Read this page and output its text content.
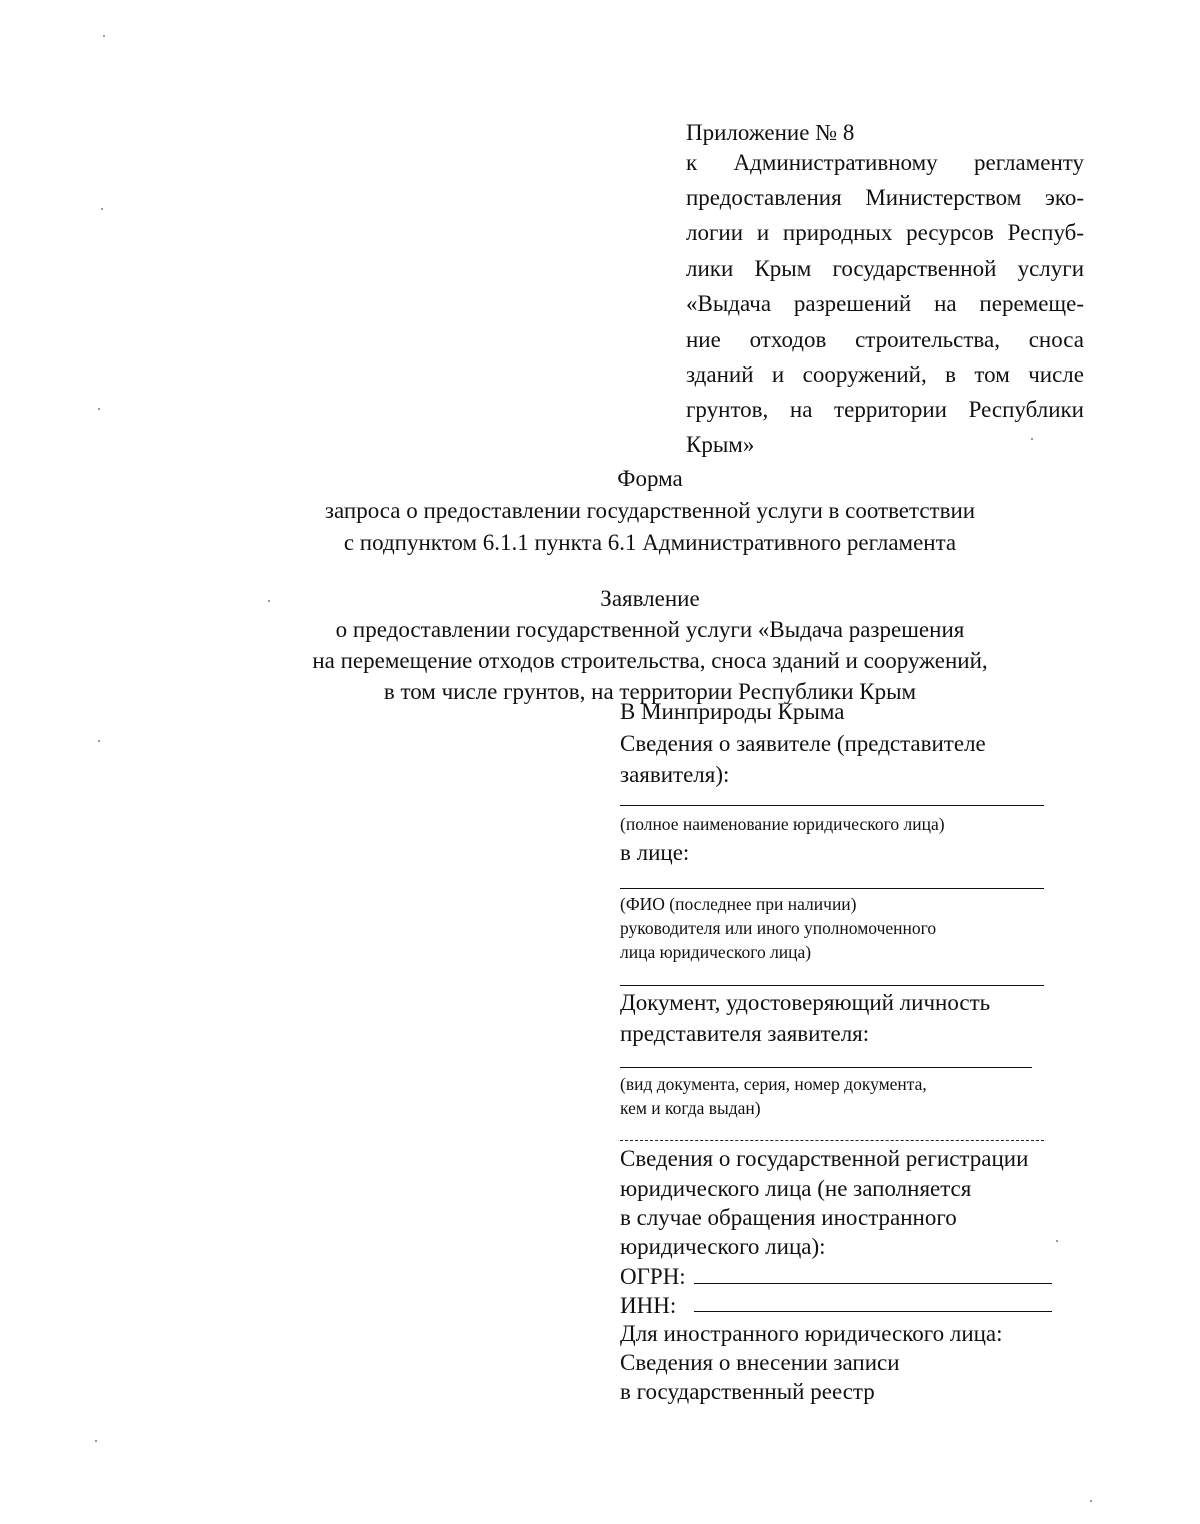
Приложение № 8
к Административному регламенту
предоставления Министерством эко-
логии и природных ресурсов Респуб-
лики Крым государственной услуги
«Выдача разрешений на перемеще-
ние отходов строительства, сноса
зданий и сооружений, в том числе
грунтов, на территории Республики
Крым»
Форма
запроса о предоставлении государственной услуги в соответствии
с подпунктом 6.1.1 пункта 6.1 Административного регламента
Заявление
о предоставлении государственной услуги «Выдача разрешения
на перемещение отходов строительства, сноса зданий и сооружений,
в том числе грунтов, на территории Республики Крым
В Минприроды Крыма
Сведения о заявителе (представителе
заявителя):
(полное наименование юридического лица)
в лице:
(ФИО (последнее при наличии)
руководителя или иного уполномоченного
лица юридического лица)
Документ, удостоверяющий личность
представителя заявителя:
(вид документа, серия, номер документа,
кем и когда выдан)
Сведения о государственной регистрации
юридического лица (не заполняется
в случае обращения иностранного
юридического лица):
ОГРН:
ИНН:
Для иностранного юридического лица:
Сведения о внесении записи
в государственный реестр
